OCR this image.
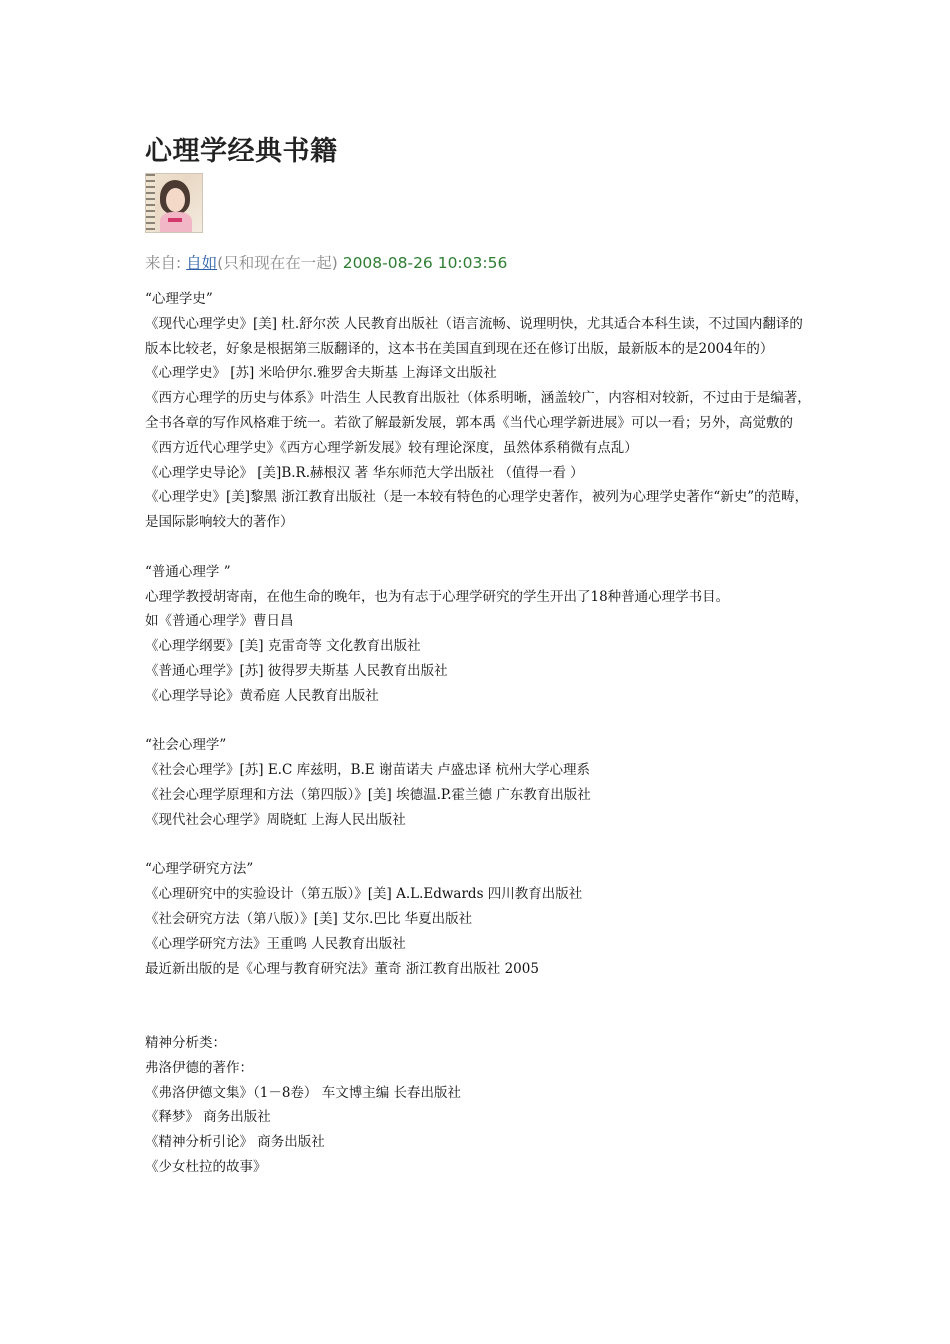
心理学经典书籍
来自: 自如(只和现在在一起) 2008-08-26 10:03:56

“心理学史”

《现代心理学史》[美] 杜.舒尔茨 人民教育出版社（语言流畅、说理明快，尤其适合本科生读，不过国内翻译的版本比较老，好象是根据第三版翻译的，这本书在美国直到现在还在修订出版，最新版本的是2004年的）

《心理学史》 [苏] 米哈伊尔.雅罗舍夫斯基 上海译文出版社

《西方心理学的历史与体系》叶浩生 人民教育出版社（体系明晰，涵盖较广，内容相对较新，不过由于是编著，全书各章的写作风格难于统一。若欲了解最新发展，郭本禹《当代心理学新进展》可以一看；另外，高觉敷的《西方近代心理学史》《西方心理学新发展》较有理论深度，虽然体系稍微有点乱）

《心理学史导论》 [美]B.R.赫根汉 著 华东师范大学出版社 （值得一看 ）

《心理学史》[美]黎黑 浙江教育出版社（是一本较有特色的心理学史著作，被列为心理学史著作“新史”的范畴，是国际影响较大的著作）

“普通心理学 ”

心理学教授胡寄南，在他生命的晚年，也为有志于心理学研究的学生开出了18种普通心理学书目。

如《普通心理学》曹日昌

《心理学纲要》[美] 克雷奇等 文化教育出版社

《普通心理学》[苏] 彼得罗夫斯基 人民教育出版社

《心理学导论》黄希庭 人民教育出版社

“社会心理学”

《社会心理学》[苏] E.C 库兹明，B.E 谢苗诺夫 卢盛忠译 杭州大学心理系

《社会心理学原理和方法（第四版）》[美] 埃德温.P.霍兰德 广东教育出版社

《现代社会心理学》周晓虹 上海人民出版社

“心理学研究方法”

《心理研究中的实验设计（第五版）》[美] A.L.Edwards 四川教育出版社

《社会研究方法（第八版）》[美] 艾尔.巴比 华夏出版社

《心理学研究方法》王重鸣 人民教育出版社

最近新出版的是《心理与教育研究法》董奇 浙江教育出版社 2005

精神分析类：

弗洛伊德的著作：

《弗洛伊德文集》（1－8卷） 车文博主编 长春出版社

《释梦》 商务出版社

《精神分析引论》 商务出版社

《少女杜拉的故事》
